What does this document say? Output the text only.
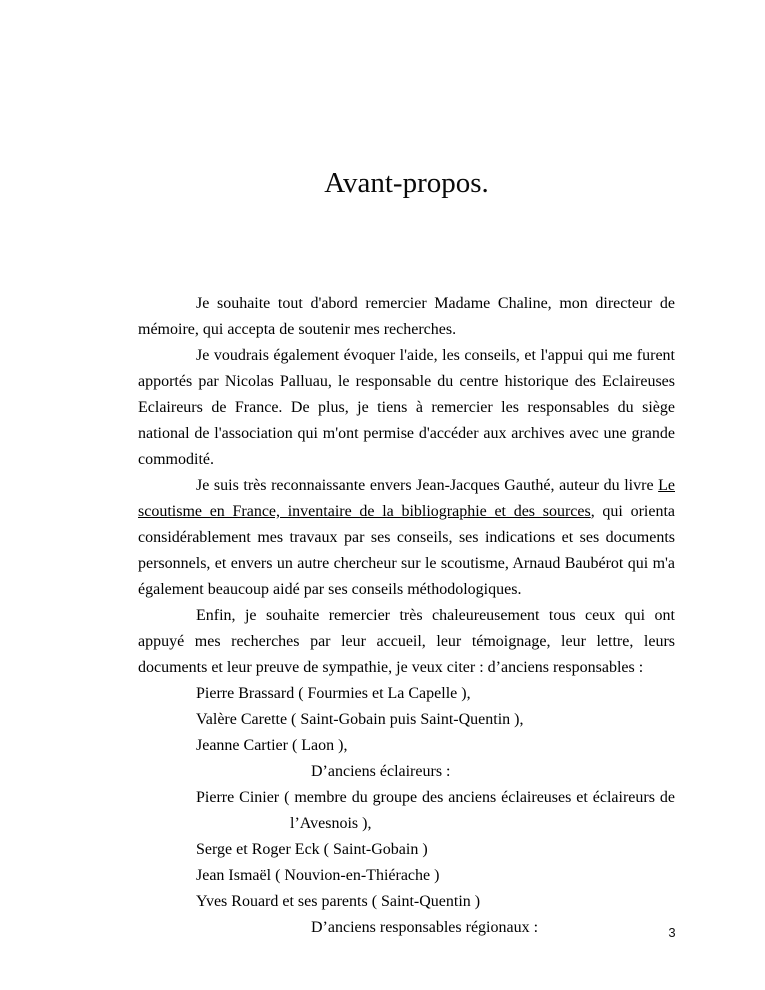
Avant-propos.

Je souhaite tout d'abord remercier Madame Chaline, mon directeur de mémoire, qui accepta de soutenir mes recherches.

Je voudrais également évoquer l'aide, les conseils, et l'appui qui me furent apportés par Nicolas Palluau, le responsable du centre historique des Eclaireuses Eclaireurs de France. De plus, je tiens à remercier les responsables du siège national de l'association qui m'ont permise d'accéder aux archives avec une grande commodité.

Je suis très reconnaissante envers Jean-Jacques Gauthé, auteur du livre Le scoutisme en France, inventaire de la bibliographie et des sources, qui orienta considérablement mes travaux par ses conseils, ses indications et ses documents personnels, et envers un autre chercheur sur le scoutisme, Arnaud Baubérot qui m'a également beaucoup aidé par ses conseils méthodologiques.

Enfin, je souhaite remercier très chaleureusement tous ceux qui ont appuyé mes recherches par leur accueil, leur témoignage, leur lettre, leurs documents et leur preuve de sympathie, je veux citer : d’anciens responsables :

Pierre Brassard ( Fourmies et La Capelle ),
Valère Carette ( Saint-Gobain puis Saint-Quentin ),
Jeanne Cartier ( Laon ),
D’anciens éclaireurs :
Pierre Cinier ( membre du groupe des anciens éclaireuses et éclaireurs de l’Avesnois ),
Serge et Roger Eck ( Saint-Gobain )
Jean Ismaël ( Nouvion-en-Thiérache )
Yves Rouard et ses parents ( Saint-Quentin )
D’anciens responsables régionaux :	3
